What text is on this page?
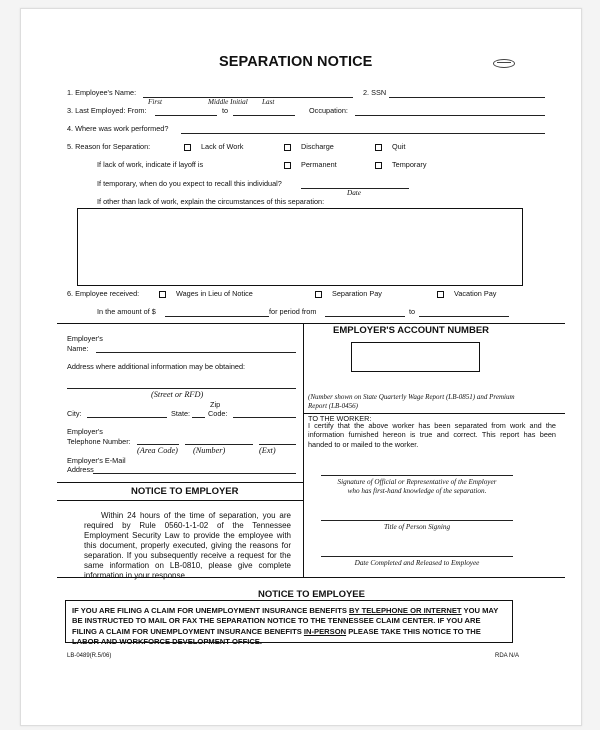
SEPARATION NOTICE
1. Employee's Name:
First	Middle Initial Last
2. SSN
3. Last Employed: From:	to	Occupation:
4. Where was work performed?
5. Reason for Separation:	Lack of Work	Discharge	Quit
If lack of work, indicate if layoff is	Permanent	Temporary
If temporary, when do you expect to recall this individual?
Date
If other than lack of work, explain the circumstances of this separation:
6. Employee received:	Wages in Lieu of Notice	Separation Pay	Vacation Pay
In the amount of $	for period from	to
Employer's
Name:
Address where additional information may be obtained:
(Street or RFD)
City:	State:
Zip
Code:
Employer's
Telephone Number:
(Area Code) (Number)	(Ext)
Employer's E-Mail
Address
NOTICE TO EMPLOYER
Within 24 hours of the time of separation, you are required by Rule 0560-1-1-02 of the Tennessee Employment Security Law to provide the employee with this document, properly executed, giving the reasons for separation. If you subsequently receive a request for the same information on LB-0810, please give complete information in your response.
EMPLOYER'S ACCOUNT NUMBER
(Number shown on State Quarterly Wage Report (LB-0851) and Premium Report (LB-0456)
TO THE WORKER:
I certify that the above worker has been separated from work and the information furnished hereon is true and correct. This report has been handed to or mailed to the worker.
Signature of Official or Representative of the Employer
who has first-hand knowledge of the separation.
Title of Person Signing
Date Completed and Released to Employee
NOTICE TO EMPLOYEE
IF YOU ARE FILING A CLAIM FOR UNEMPLOYMENT INSURANCE BENEFITS BY TELEPHONE OR INTERNET YOU MAY BE INSTRUCTED TO MAIL OR FAX THE SEPARATION NOTICE TO THE TENNESSEE CLAIM CENTER. IF YOU ARE FILING A CLAIM FOR UNEMPLOYMENT INSURANCE BENEFITS IN-PERSON PLEASE TAKE THIS NOTICE TO THE LABOR AND WORKFORCE DEVELOPMENT OFFICE.
LB-0489(R.5/06)	RDA N/A
